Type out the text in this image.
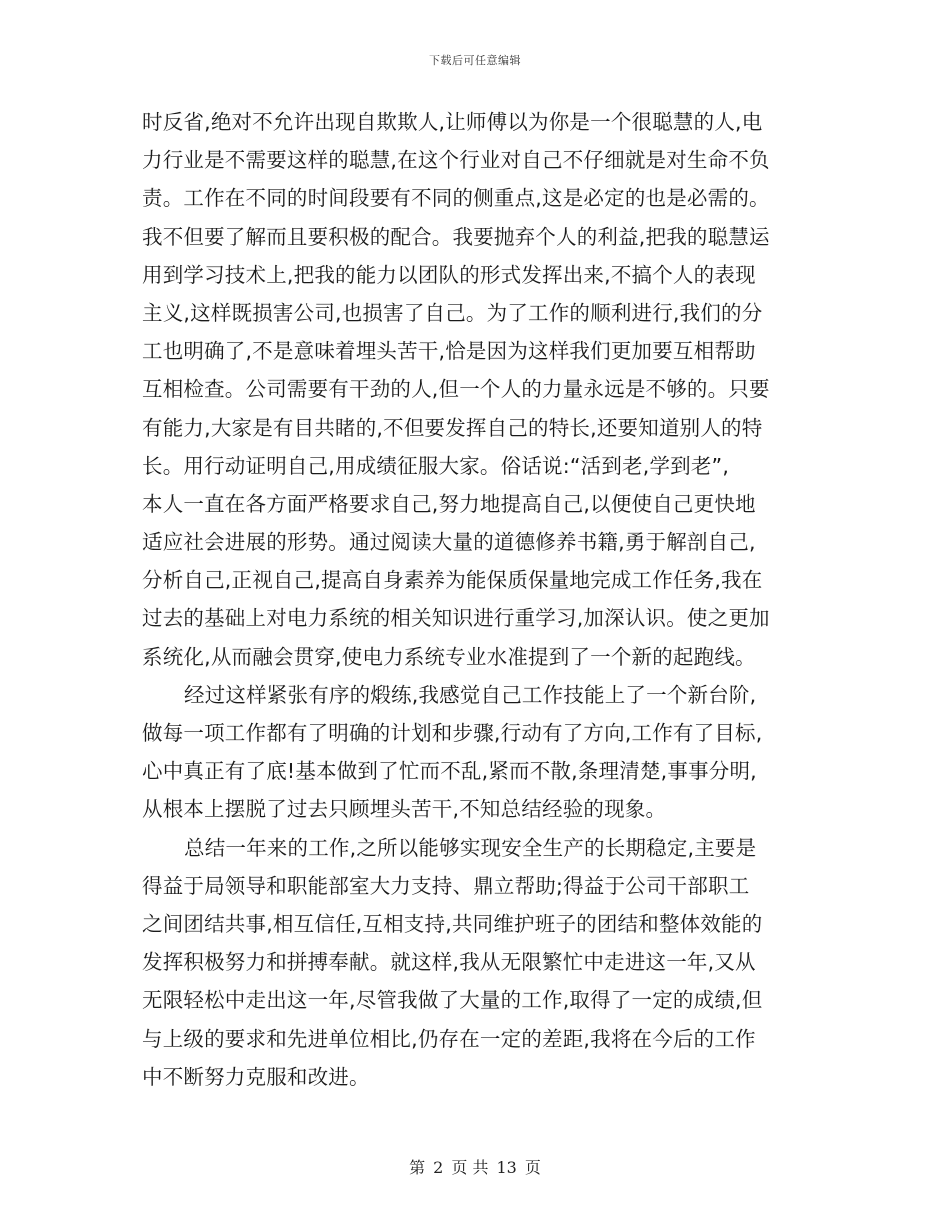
下载后可任意编辑
时反省,绝对不允许出现自欺欺人,让师傅以为你是一个很聪慧的人,电
力行业是不需要这样的聪慧,在这个行业对自己不仔细就是对生命不负
责。工作在不同的时间段要有不同的侧重点,这是必定的也是必需的。
我不但要了解而且要积极的配合。我要抛弃个人的利益,把我的聪慧运
用到学习技术上,把我的能力以团队的形式发挥出来,不搞个人的表现
主义,这样既损害公司,也损害了自己。为了工作的顺利进行,我们的分
工也明确了,不是意味着埋头苦干,恰是因为这样我们更加要互相帮助
互相检查。公司需要有干劲的人,但一个人的力量永远是不够的。只要
有能力,大家是有目共睹的,不但要发挥自己的特长,还要知道别人的特
长。用行动证明自己,用成绩征服大家。俗话说:“活到老,学到老”,
本人一直在各方面严格要求自己,努力地提高自己,以便使自己更快地
适应社会进展的形势。通过阅读大量的道德修养书籍,勇于解剖自己,
分析自己,正视自己,提高自身素养为能保质保量地完成工作任务,我在
过去的基础上对电力系统的相关知识进行重学习,加深认识。使之更加
系统化,从而融会贯穿,使电力系统专业水准提到了一个新的起跑线。
经过这样紧张有序的煅练,我感觉自己工作技能上了一个新台阶,
做每一项工作都有了明确的计划和步骤,行动有了方向,工作有了目标,
心中真正有了底!基本做到了忙而不乱,紧而不散,条理清楚,事事分明,
从根本上摆脱了过去只顾埋头苦干,不知总结经验的现象。
总结一年来的工作,之所以能够实现安全生产的长期稳定,主要是
得益于局领导和职能部室大力支持、鼎立帮助;得益于公司干部职工
之间团结共事,相互信任,互相支持,共同维护班子的团结和整体效能的
发挥积极努力和拼搏奉献。就这样,我从无限繁忙中走进这一年,又从
无限轻松中走出这一年,尽管我做了大量的工作,取得了一定的成绩,但
与上级的要求和先进单位相比,仍存在一定的差距,我将在今后的工作
中不断努力克服和改进。
第 2 页 共 13 页
